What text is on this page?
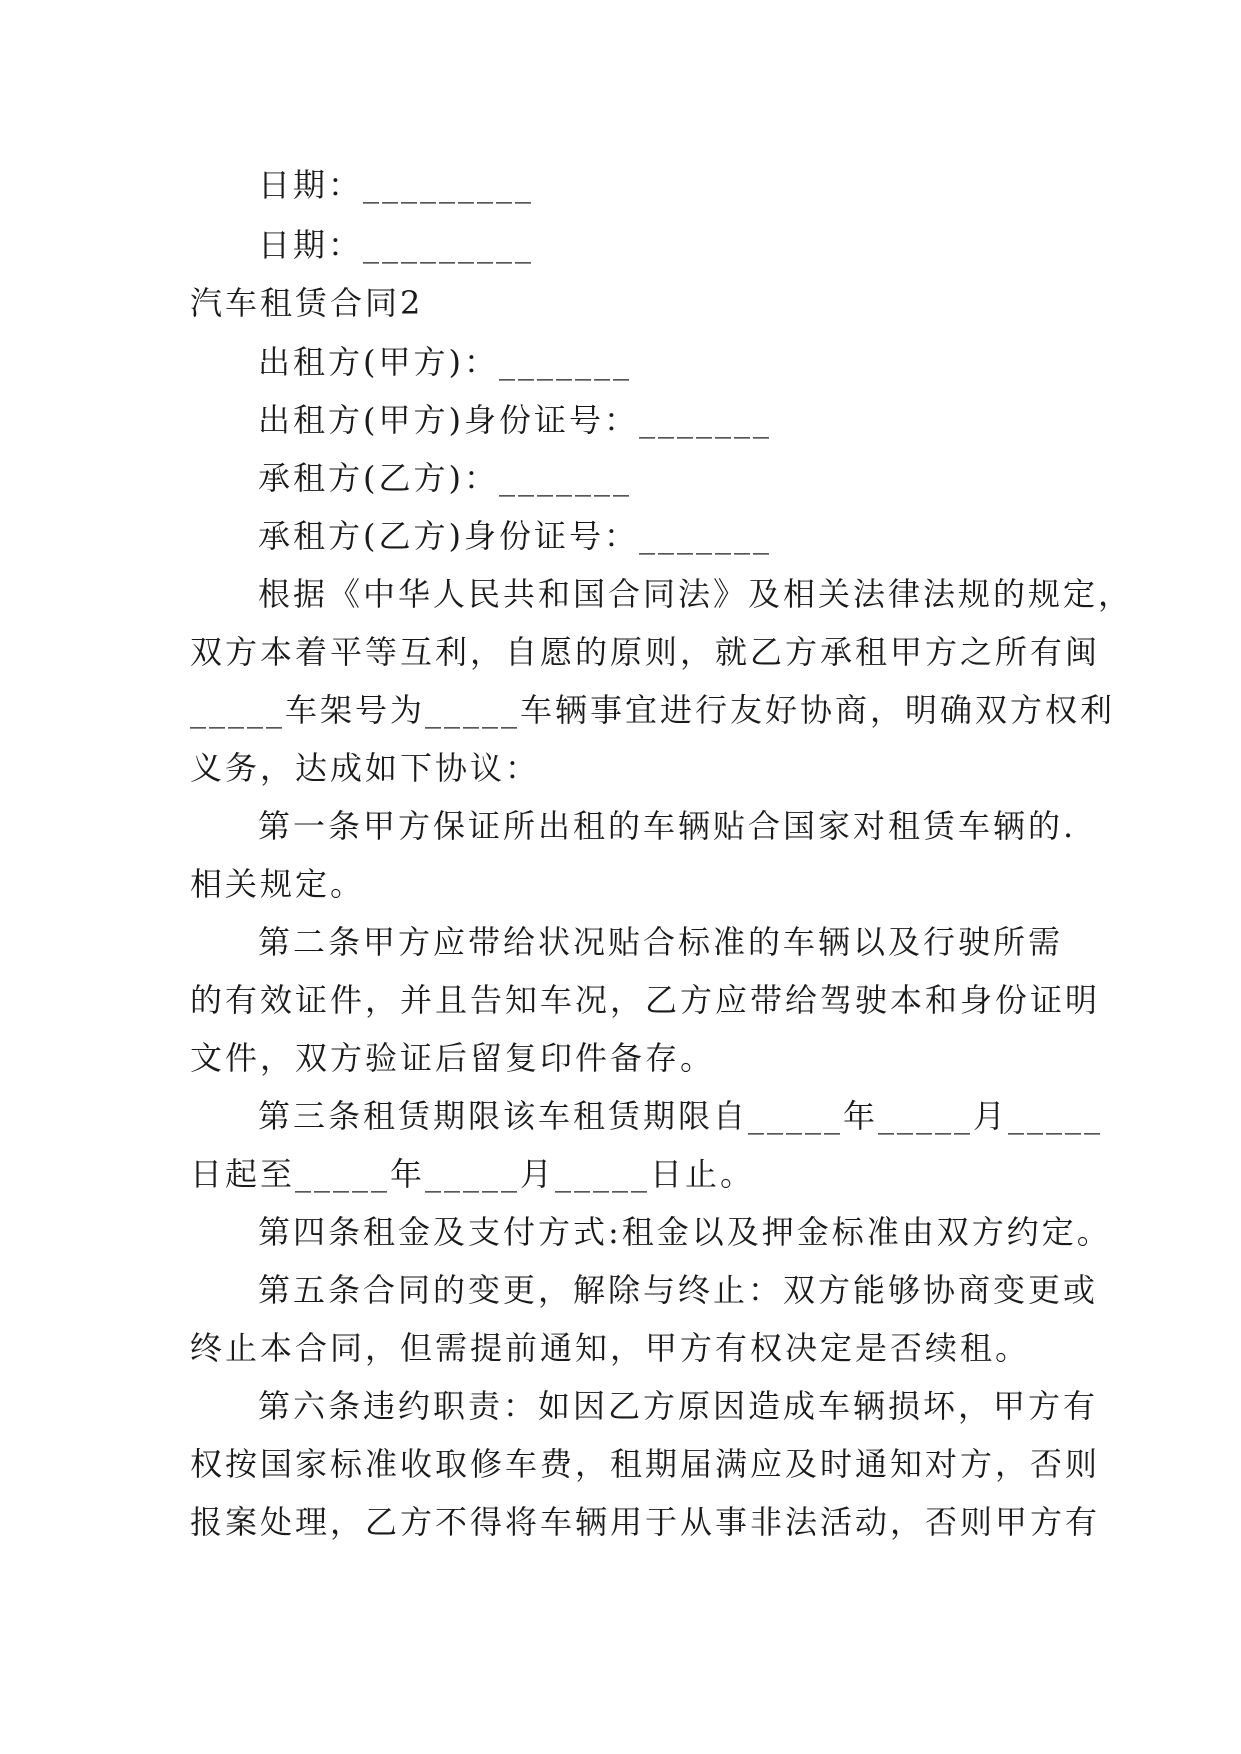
日期：_________
日期：_________
汽车租赁合同2
出租方(甲方)：_______
出租方(甲方)身份证号：_______
承租方(乙方)：_______
承租方(乙方)身份证号：_______
根据《中华人民共和国合同法》及相关法律法规的规定，
双方本着平等互利，自愿的原则，就乙方承租甲方之所有闽
_____车架号为_____车辆事宜进行友好协商，明确双方权利
义务，达成如下协议：
第一条甲方保证所出租的车辆贴合国家对租赁车辆的.
相关规定。
第二条甲方应带给状况贴合标准的车辆以及行驶所需
的有效证件，并且告知车况，乙方应带给驾驶本和身份证明
文件，双方验证后留复印件备存。
第三条租赁期限该车租赁期限自_____年_____月_____
日起至_____年_____月_____日止。
第四条租金及支付方式:租金以及押金标准由双方约定。
第五条合同的变更，解除与终止：双方能够协商变更或
终止本合同，但需提前通知，甲方有权决定是否续租。
第六条违约职责：如因乙方原因造成车辆损坏，甲方有
权按国家标准收取修车费，租期届满应及时通知对方，否则
报案处理，乙方不得将车辆用于从事非法活动，否则甲方有
